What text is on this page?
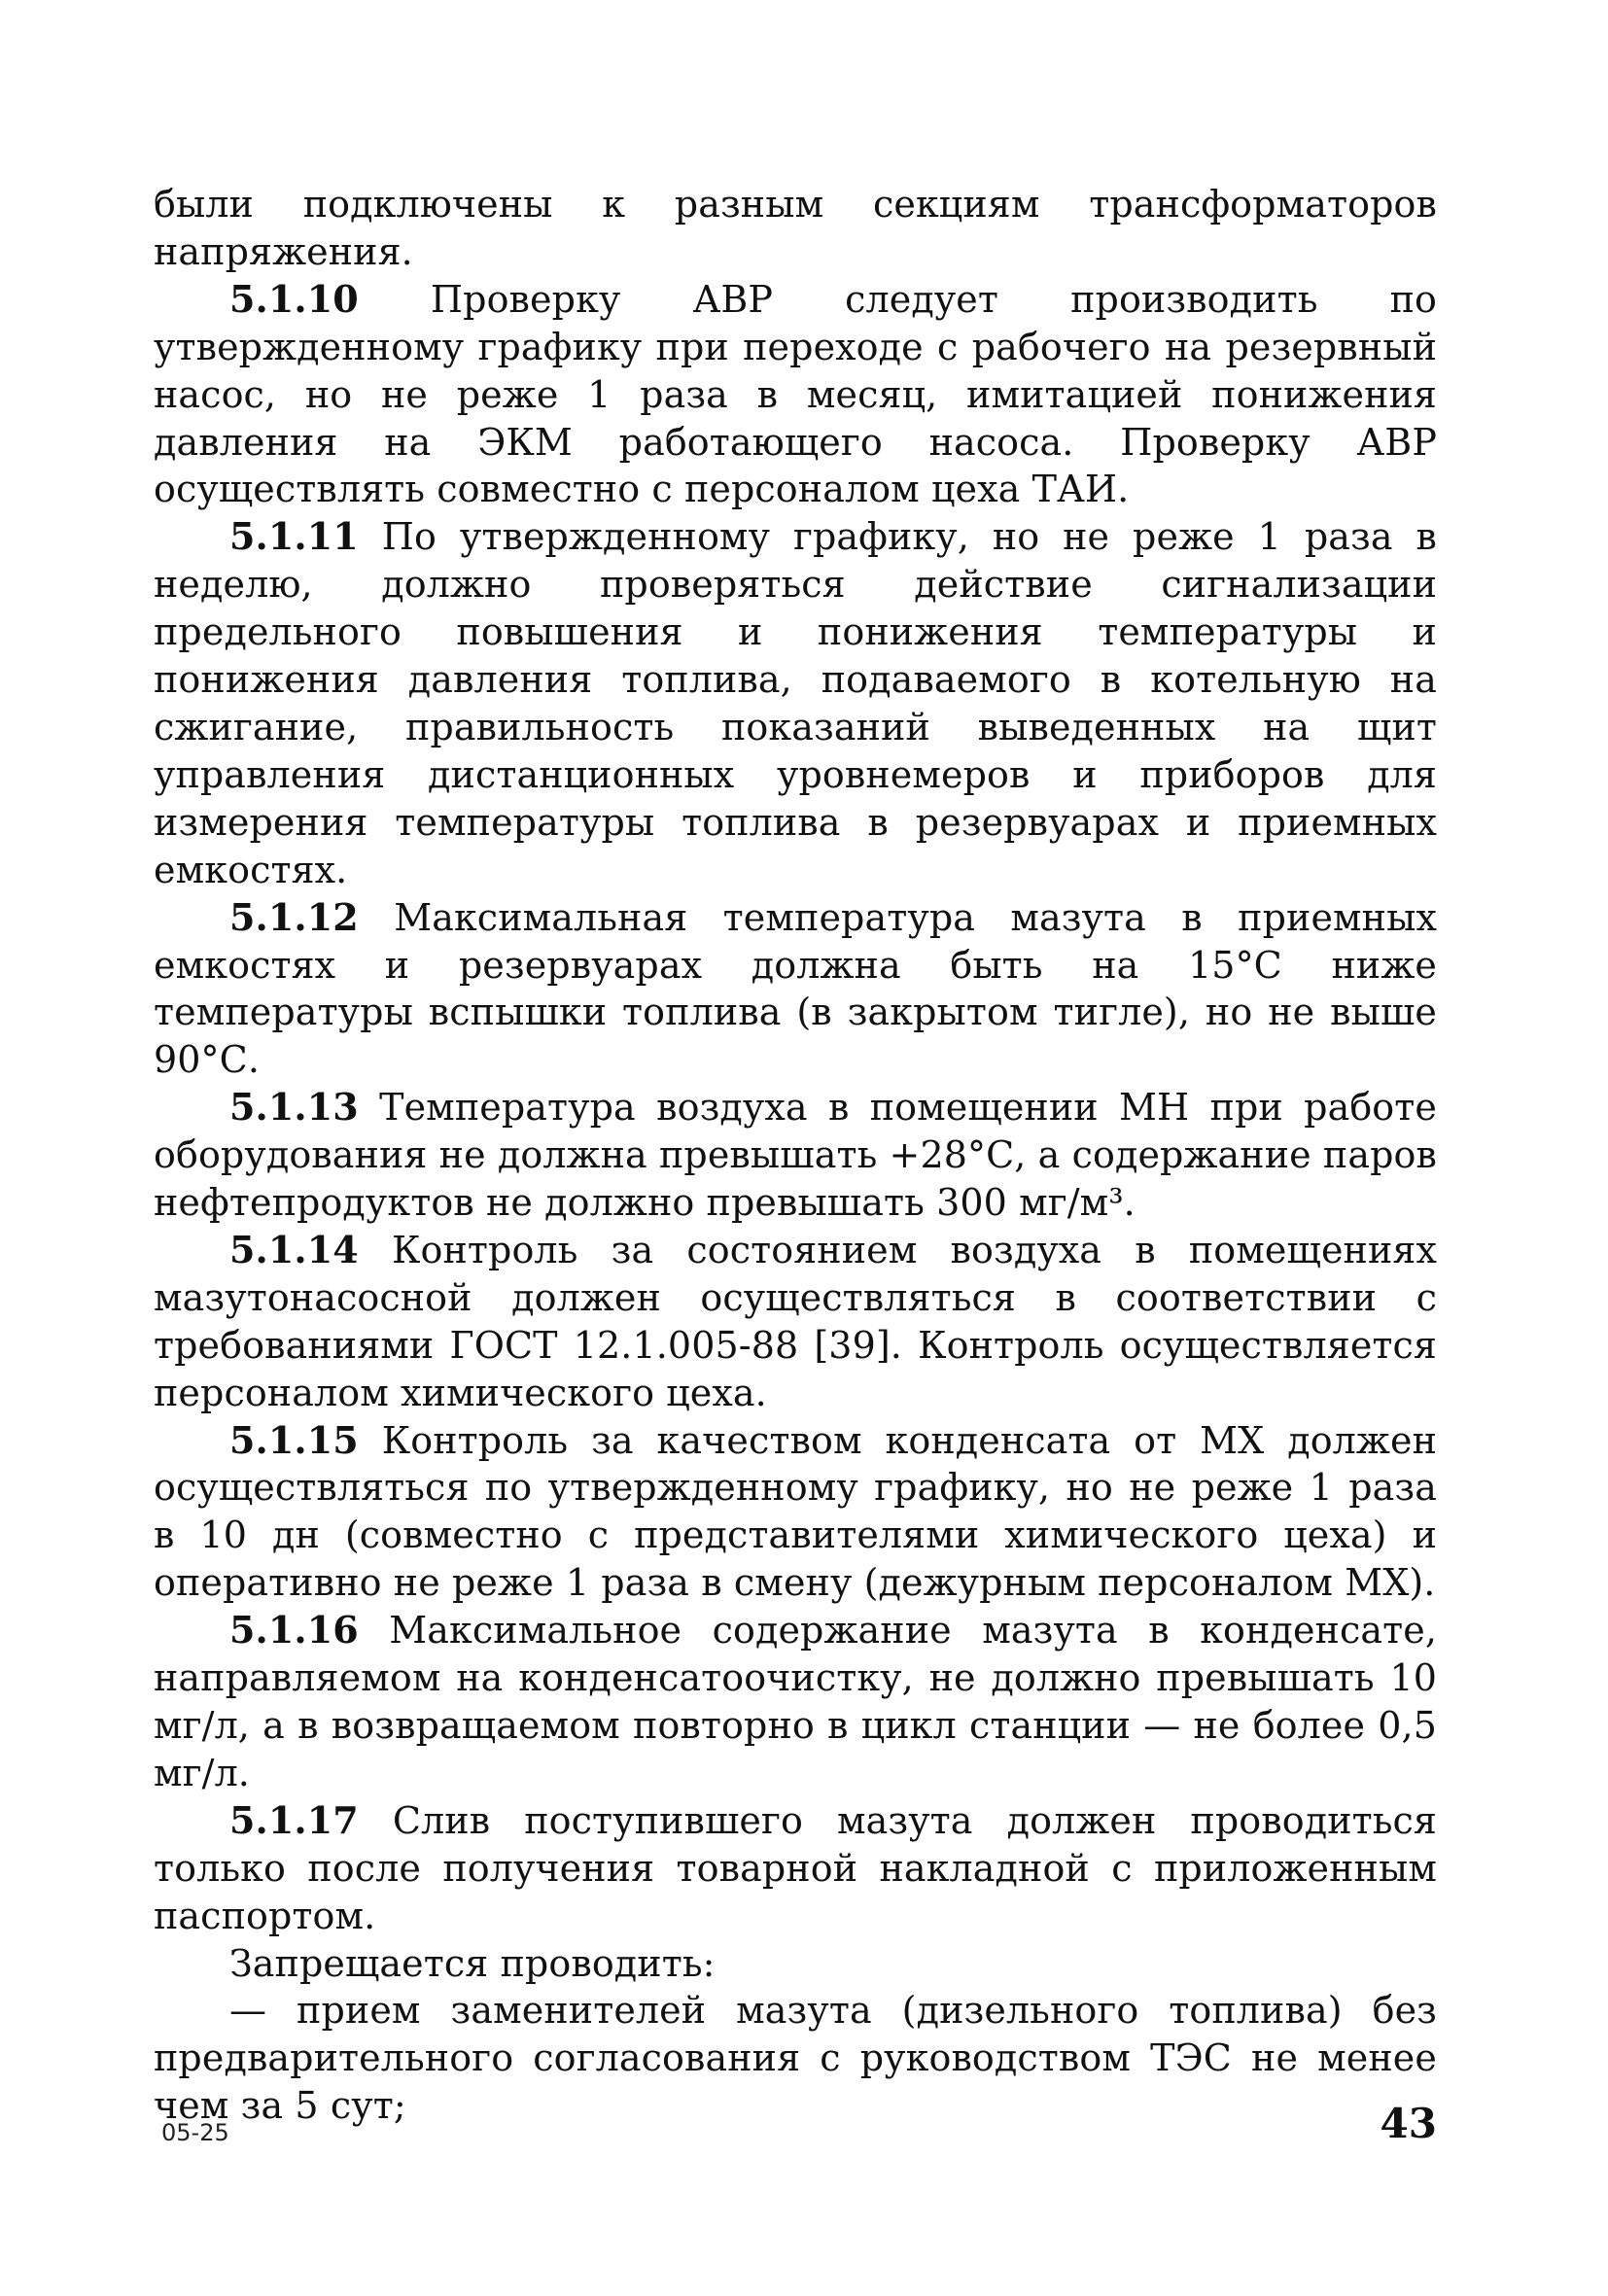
были подключены к разным секциям трансформаторов напряжения.

5.1.10 Проверку АВР следует производить по утвержденному графику при переходе с рабочего на резервный насос, но не реже 1 раза в месяц, имитацией понижения давления на ЭКМ работающего насоса. Проверку АВР осуществлять совместно с персоналом цеха ТАИ.

5.1.11 По утвержденному графику, но не реже 1 раза в неделю, должно проверяться действие сигнализации предельного повышения и понижения температуры и понижения давления топлива, подаваемого в котельную на сжигание, правильность показаний выведенных на щит управления дистанционных уровнемеров и приборов для измерения температуры топлива в резервуарах и приемных емкостях.

5.1.12 Максимальная температура мазута в приемных емкостях и резервуарах должна быть на 15°С ниже температуры вспышки топлива (в закрытом тигле), но не выше 90°С.

5.1.13 Температура воздуха в помещении МН при работе оборудования не должна превышать +28°С, а содержание паров нефтепродуктов не должно превышать 300 мг/м³.

5.1.14 Контроль за состоянием воздуха в помещениях мазутонасосной должен осуществляться в соответствии с требованиями ГОСТ 12.1.005-88 [39]. Контроль осуществляется персоналом химического цеха.

5.1.15 Контроль за качеством конденсата от МХ должен осуществляться по утвержденному графику, но не реже 1 раза в 10 дн (совместно с представителями химического цеха) и оперативно не реже 1 раза в смену (дежурным персоналом МХ).

5.1.16 Максимальное содержание мазута в конденсате, направляемом на конденсатоочистку, не должно превышать 10 мг/л, а в возвращаемом повторно в цикл станции — не более 0,5 мг/л.

5.1.17 Слив поступившего мазута должен проводиться только после получения товарной накладной с приложенным паспортом.

Запрещается проводить:

— прием заменителей мазута (дизельного топлива) без предварительного согласования с руководством ТЭС не менее чем за 5 сут;

05-25	43
